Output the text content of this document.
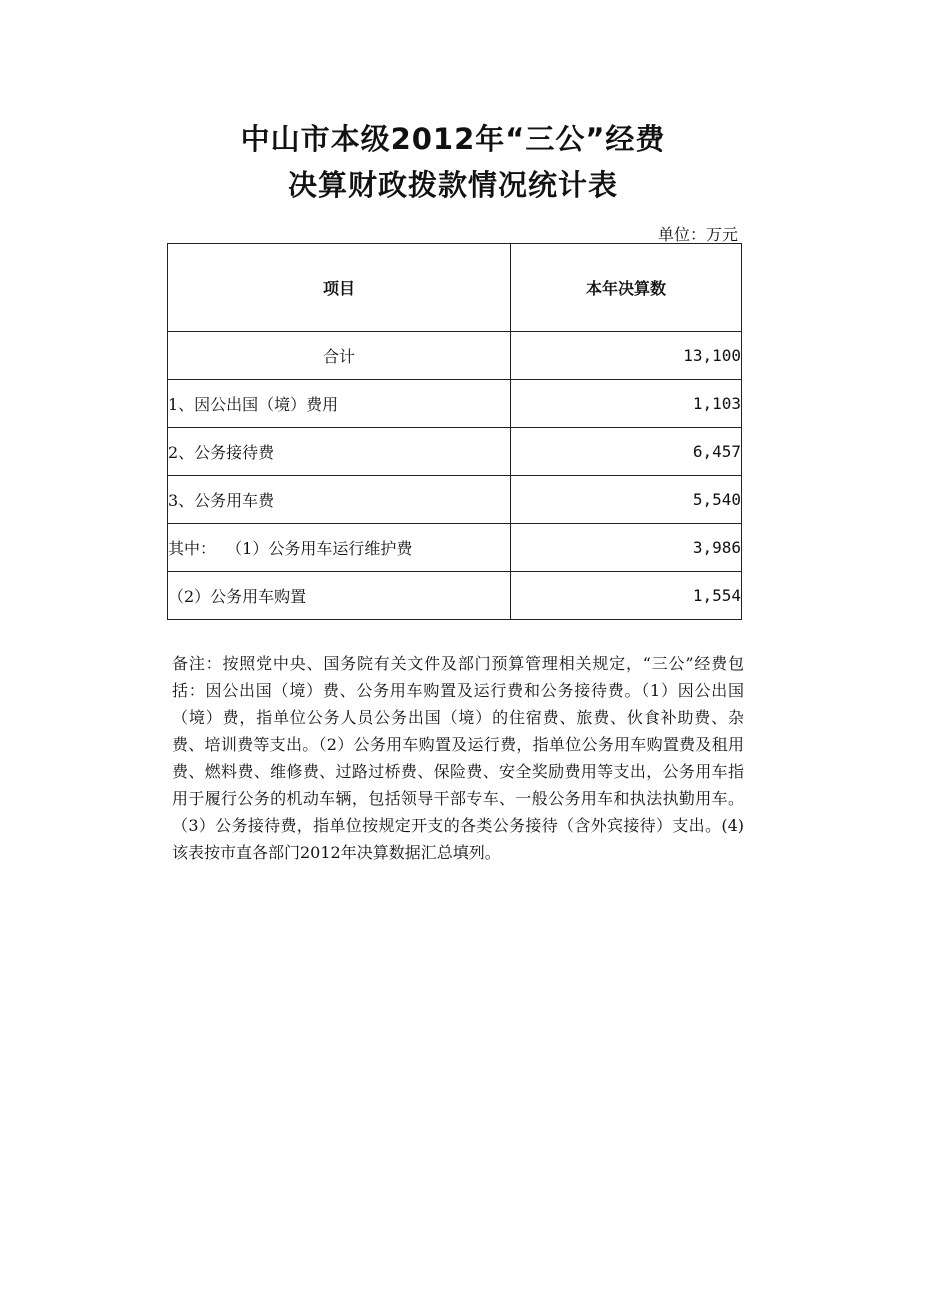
中山市本级2012年“三公”经费
决算财政拨款情况统计表
单位：万元
项目	本年决算数
合计	13,100
1、因公出国（境）费用	1,103
2、公务接待费	6,457
3、公务用车费	5,540
其中：  （1）公务用车运行维护费	3,986
（2）公务用车购置	1,554
备注：按照党中央、国务院有关文件及部门预算管理相关规定，“三公”经费包括：因公出国（境）费、公务用车购置及运行费和公务接待费。（1）因公出国（境）费，指单位公务人员公务出国（境）的住宿费、旅费、伙食补助费、杂费、培训费等支出。（2）公务用车购置及运行费，指单位公务用车购置费及租用费、燃料费、维修费、过路过桥费、保险费、安全奖励费用等支出，公务用车指用于履行公务的机动车辆，包括领导干部专车、一般公务用车和执法执勤用车。（3）公务接待费，指单位按规定开支的各类公务接待（含外宾接待）支出。(4)该表按市直各部门2012年决算数据汇总填列。
